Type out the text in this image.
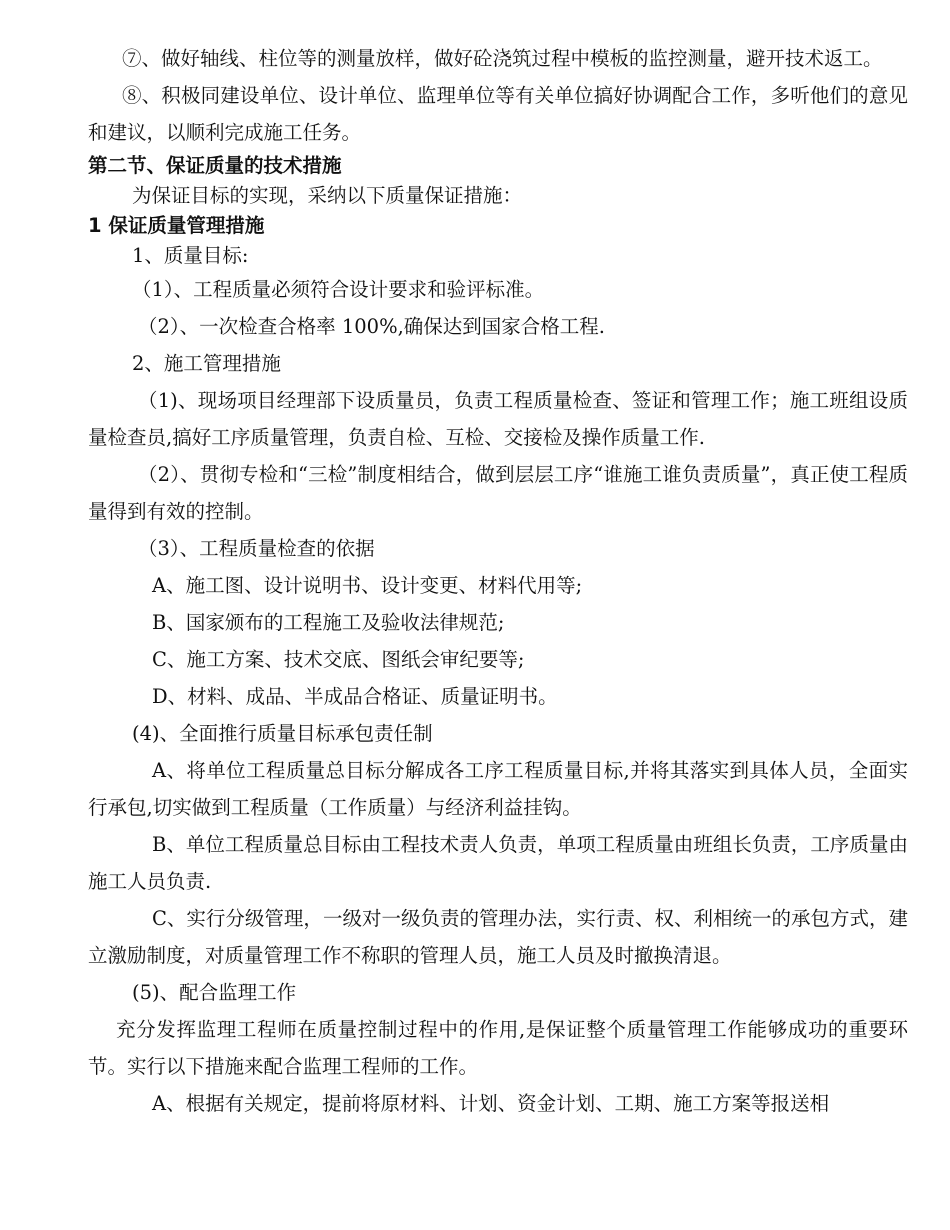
⑦、做好轴线、柱位等的测量放样，做好砼浇筑过程中模板的监控测量，避开技术返工。

⑧、积极同建设单位、设计单位、监理单位等有关单位搞好协调配合工作，多听他们的意见和建议，以顺利完成施工任务。

第二节、保证质量的技术措施

为保证目标的实现，采纳以下质量保证措施：

1 保证质量管理措施

1、质量目标:

（1）、工程质量必须符合设计要求和验评标准。

（2）、一次检查合格率 100%,确保达到国家合格工程.

2、施工管理措施

（1)、现场项目经理部下设质量员，负责工程质量检查、签证和管理工作；施工班组设质量检查员,搞好工序质量管理，负责自检、互检、交接检及操作质量工作.

（2）、贯彻专检和“三检”制度相结合，做到层层工序“谁施工谁负责质量”，真正使工程质量得到有效的控制。

（3）、工程质量检查的依据

A、施工图、设计说明书、设计变更、材料代用等;

B、国家颁布的工程施工及验收法律规范;

C、施工方案、技术交底、图纸会审纪要等;

D、材料、成品、半成品合格证、质量证明书。

(4)、全面推行质量目标承包责任制

A、将单位工程质量总目标分解成各工序工程质量目标,并将其落实到具体人员，全面实行承包,切实做到工程质量（工作质量）与经济利益挂钩。

B、单位工程质量总目标由工程技术责人负责，单项工程质量由班组长负责，工序质量由施工人员负责.

C、实行分级管理，一级对一级负责的管理办法，实行责、权、利相统一的承包方式，建立激励制度，对质量管理工作不称职的管理人员，施工人员及时撤换清退。

(5)、配合监理工作

充分发挥监理工程师在质量控制过程中的作用,是保证整个质量管理工作能够成功的重要环节。实行以下措施来配合监理工程师的工作。

A、根据有关规定，提前将原材料、计划、资金计划、工期、施工方案等报送相
